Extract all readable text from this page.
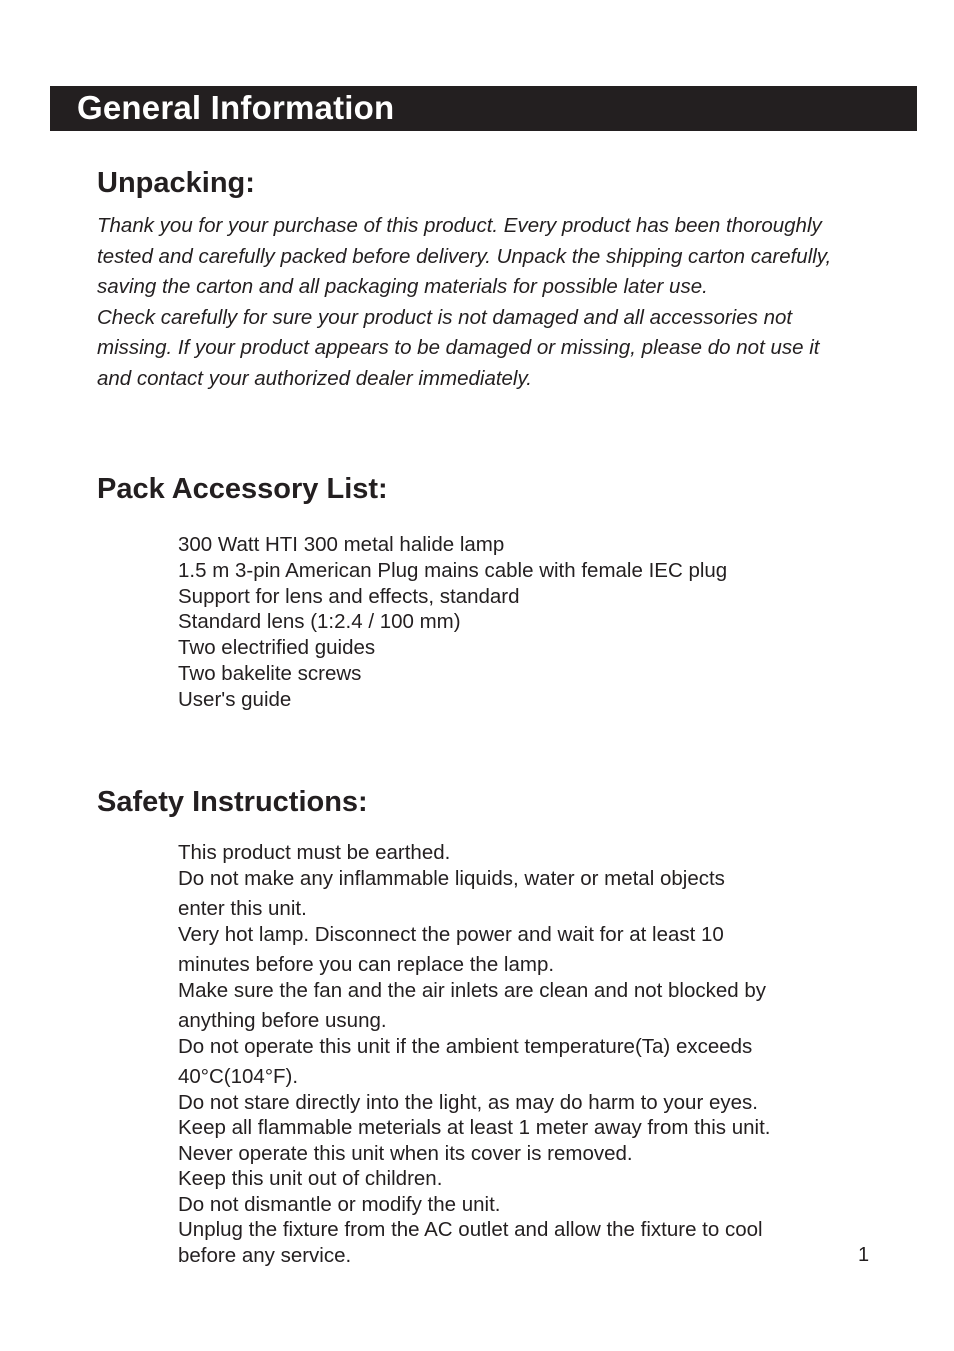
General Information
Unpacking:

Thank you for your purchase of this product. Every product has been thoroughly tested and carefully packed before delivery. Unpack the shipping carton carefully, saving the carton and all packaging materials for possible later use.

Check carefully for sure your product is not damaged and all accessories not missing. If your product appears to be damaged or missing, please do not use it and contact your authorized dealer immediately.

Pack Accessory List:
300 Watt HTI 300 metal halide lamp
1.5 m 3-pin American Plug mains cable with female IEC plug
Support for lens and effects, standard
Standard lens (1:2.4 / 100 mm)
Two electrified guides
Two bakelite screws
User's guide
Safety Instructions:
This product must be earthed.
Do not make any inflammable liquids, water or metal objects
enter this unit.
Very hot lamp. Disconnect the power and wait for at least 10
minutes before you can replace the lamp.
Make sure the fan and the air inlets are clean and not blocked by
anything before usung.
Do not operate this unit if the ambient temperature(Ta) exceeds
40°C(104°F).
Do not stare directly into the light, as may do harm to your eyes.
Keep all flammable meterials at least 1 meter away from this unit.
Never operate this unit when its cover is removed.
Keep this unit out of children.
Do not dismantle or modify the unit.
Unplug the fixture from the AC outlet and allow the fixture to cool
before any service.	1
